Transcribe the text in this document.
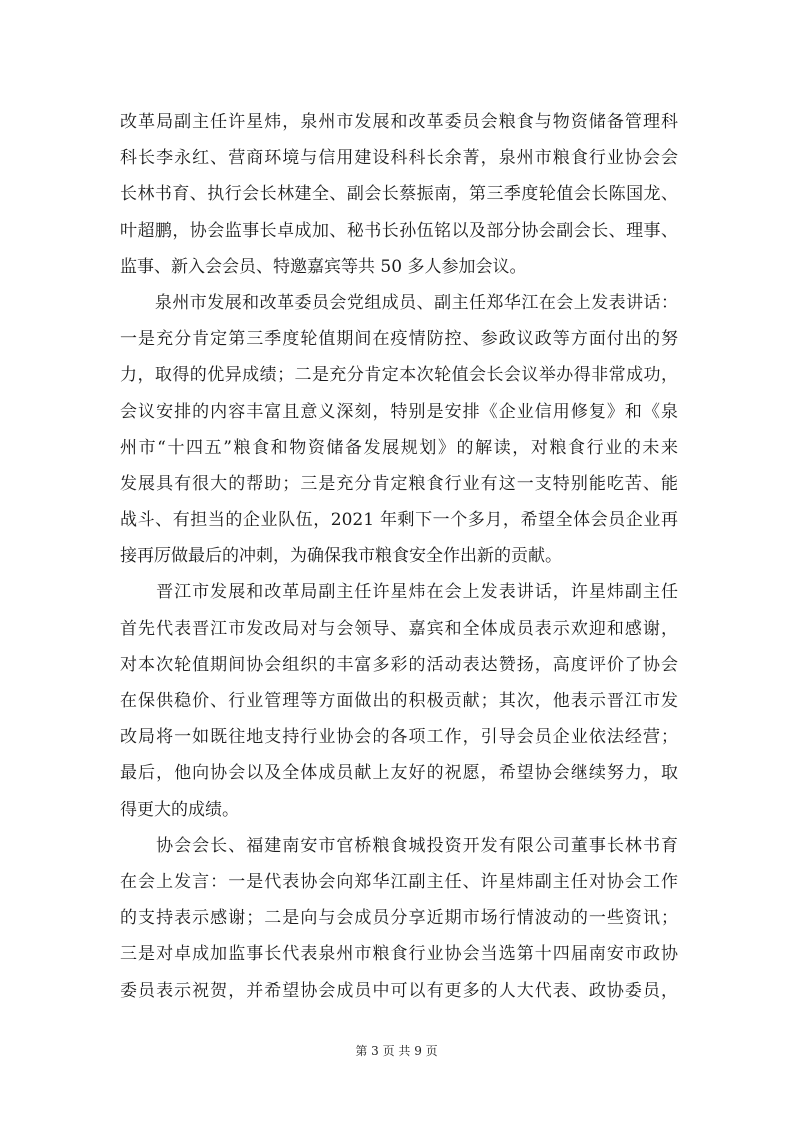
改革局副主任许星炜，泉州市发展和改革委员会粮食与物资储备管理科
科长李永红、营商环境与信用建设科科长余菁，泉州市粮食行业协会会
长林书育、执行会长林建全、副会长蔡振南，第三季度轮值会长陈国龙、
叶超鹏，协会监事长卓成加、秘书长孙伍铭以及部分协会副会长、理事、
监事、新入会会员、特邀嘉宾等共 50 多人参加会议。
　　泉州市发展和改革委员会党组成员、副主任郑华江在会上发表讲话：
一是充分肯定第三季度轮值期间在疫情防控、参政议政等方面付出的努
力，取得的优异成绩；二是充分肯定本次轮值会长会议举办得非常成功，
会议安排的内容丰富且意义深刻，特别是安排《企业信用修复》和《泉
州市“十四五”粮食和物资储备发展规划》的解读，对粮食行业的未来
发展具有很大的帮助；三是充分肯定粮食行业有这一支特别能吃苦、能
战斗、有担当的企业队伍，2021 年剩下一个多月，希望全体会员企业再
接再厉做最后的冲刺，为确保我市粮食安全作出新的贡献。
　　晋江市发展和改革局副主任许星炜在会上发表讲话，许星炜副主任
首先代表晋江市发改局对与会领导、嘉宾和全体成员表示欢迎和感谢，
对本次轮值期间协会组织的丰富多彩的活动表达赞扬，高度评价了协会
在保供稳价、行业管理等方面做出的积极贡献；其次，他表示晋江市发
改局将一如既往地支持行业协会的各项工作，引导会员企业依法经营；
最后，他向协会以及全体成员献上友好的祝愿，希望协会继续努力，取
得更大的成绩。
　　协会会长、福建南安市官桥粮食城投资开发有限公司董事长林书育
在会上发言：一是代表协会向郑华江副主任、许星炜副主任对协会工作
的支持表示感谢；二是向与会成员分享近期市场行情波动的一些资讯；
三是对卓成加监事长代表泉州市粮食行业协会当选第十四届南安市政协
委员表示祝贺，并希望协会成员中可以有更多的人大代表、政协委员，
第 3 页 共 9 页
